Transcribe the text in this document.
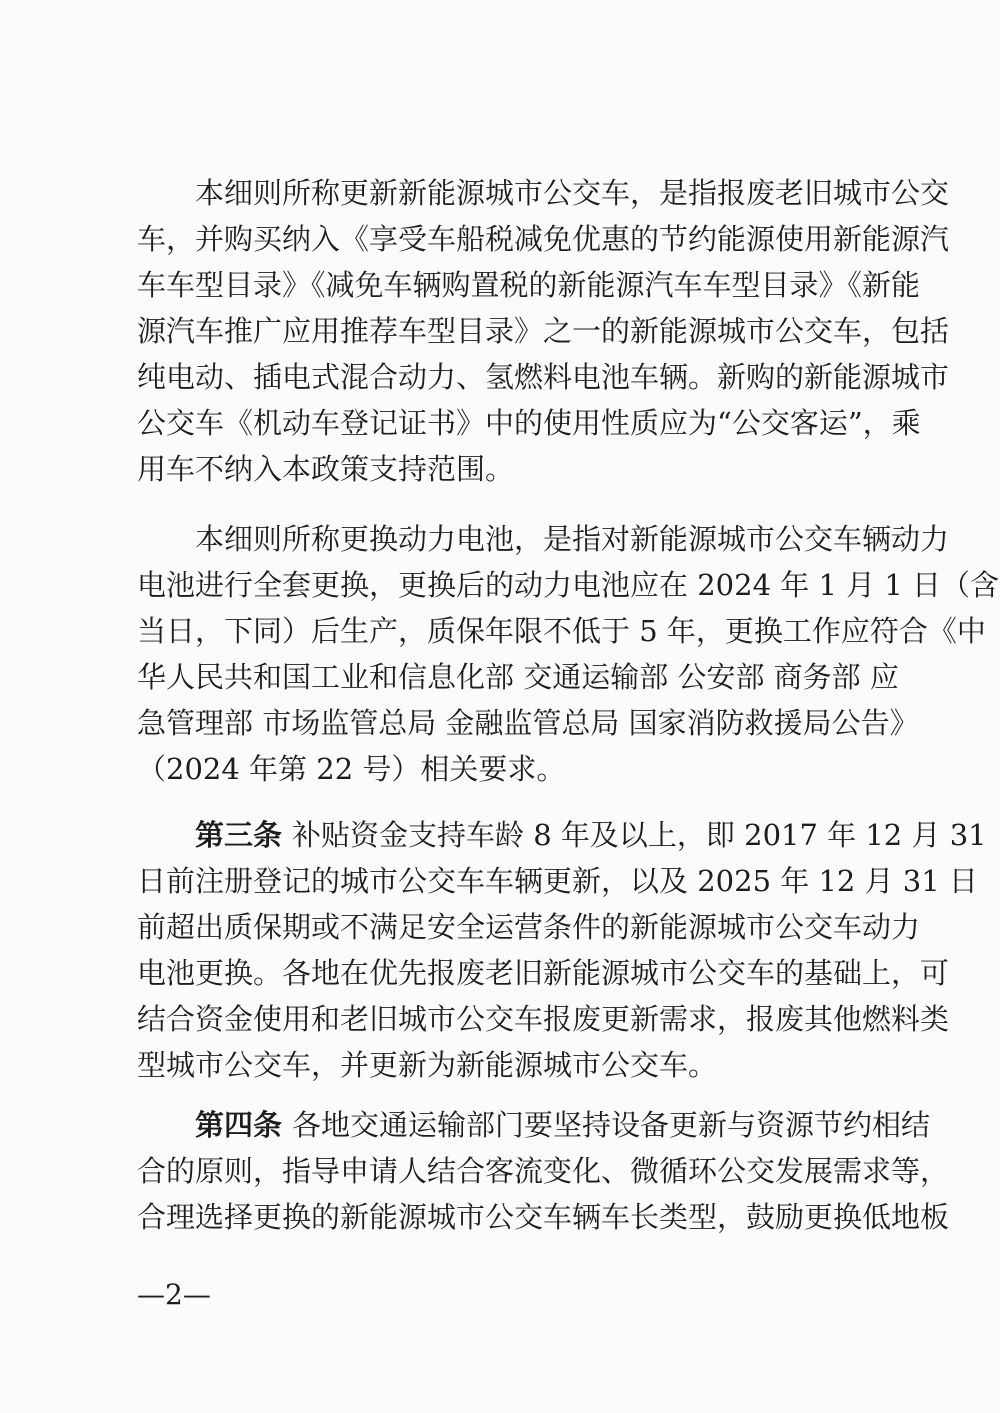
本细则所称更新新能源城市公交车，是指报废老旧城市公交
车，并购买纳入《享受车船税减免优惠的节约能源使用新能源汽
车车型目录》《减免车辆购置税的新能源汽车车型目录》《新能
源汽车推广应用推荐车型目录》之一的新能源城市公交车，包括
纯电动、插电式混合动力、氢燃料电池车辆。新购的新能源城市
公交车《机动车登记证书》中的使用性质应为“公交客运”，乘
用车不纳入本政策支持范围。
本细则所称更换动力电池，是指对新能源城市公交车辆动力
电池进行全套更换，更换后的动力电池应在 2024 年 1 月 1 日（含
当日，下同）后生产，质保年限不低于 5 年，更换工作应符合《中
华人民共和国工业和信息化部 交通运输部 公安部 商务部 应
急管理部 市场监管总局 金融监管总局 国家消防救援局公告》
（2024 年第 22 号）相关要求。
第三条 补贴资金支持车龄 8 年及以上，即 2017 年 12 月 31
日前注册登记的城市公交车车辆更新，以及 2025 年 12 月 31 日
前超出质保期或不满足安全运营条件的新能源城市公交车动力
电池更换。各地在优先报废老旧新能源城市公交车的基础上，可
结合资金使用和老旧城市公交车报废更新需求，报废其他燃料类
型城市公交车，并更新为新能源城市公交车。
第四条 各地交通运输部门要坚持设备更新与资源节约相结
合的原则，指导申请人结合客流变化、微循环公交发展需求等，
合理选择更换的新能源城市公交车辆车长类型，鼓励更换低地板
—2—
